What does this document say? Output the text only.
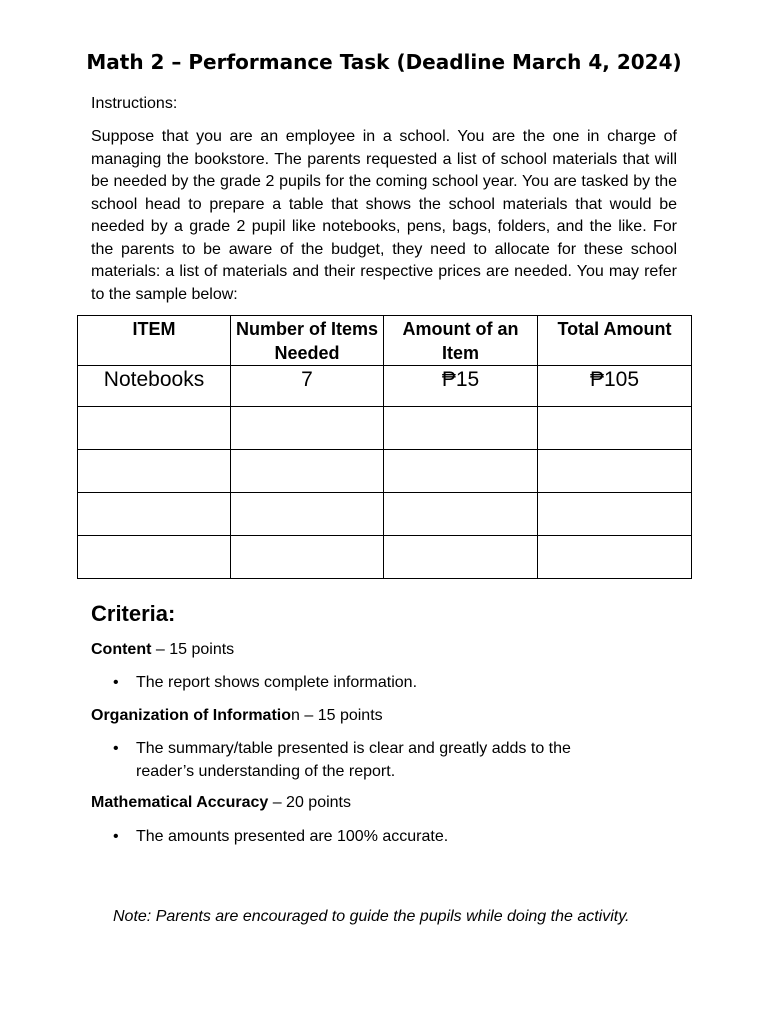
Math 2 – Performance Task (Deadline March 4, 2024)
Instructions:
Suppose that you are an employee in a school. You are the one in charge of managing the bookstore. The parents requested a list of school materials that will be needed by the grade 2 pupils for the coming school year. You are tasked by the school head to prepare a table that shows the school materials that would be needed by a grade 2 pupil like notebooks, pens, bags, folders, and the like. For the parents to be aware of the budget, they need to allocate for these school materials: a list of materials and their respective prices are needed. You may refer to the sample below:
ITEM	Number of Items Needed	Amount of an Item	Total Amount
Notebooks	7	₱15	₱105

Criteria:
Content – 15 points
• The report shows complete information.
Organization of Information – 15 points
• The summary/table presented is clear and greatly adds to the reader’s understanding of the report.
Mathematical Accuracy – 20 points
• The amounts presented are 100% accurate.
Note: Parents are encouraged to guide the pupils while doing the activity.
